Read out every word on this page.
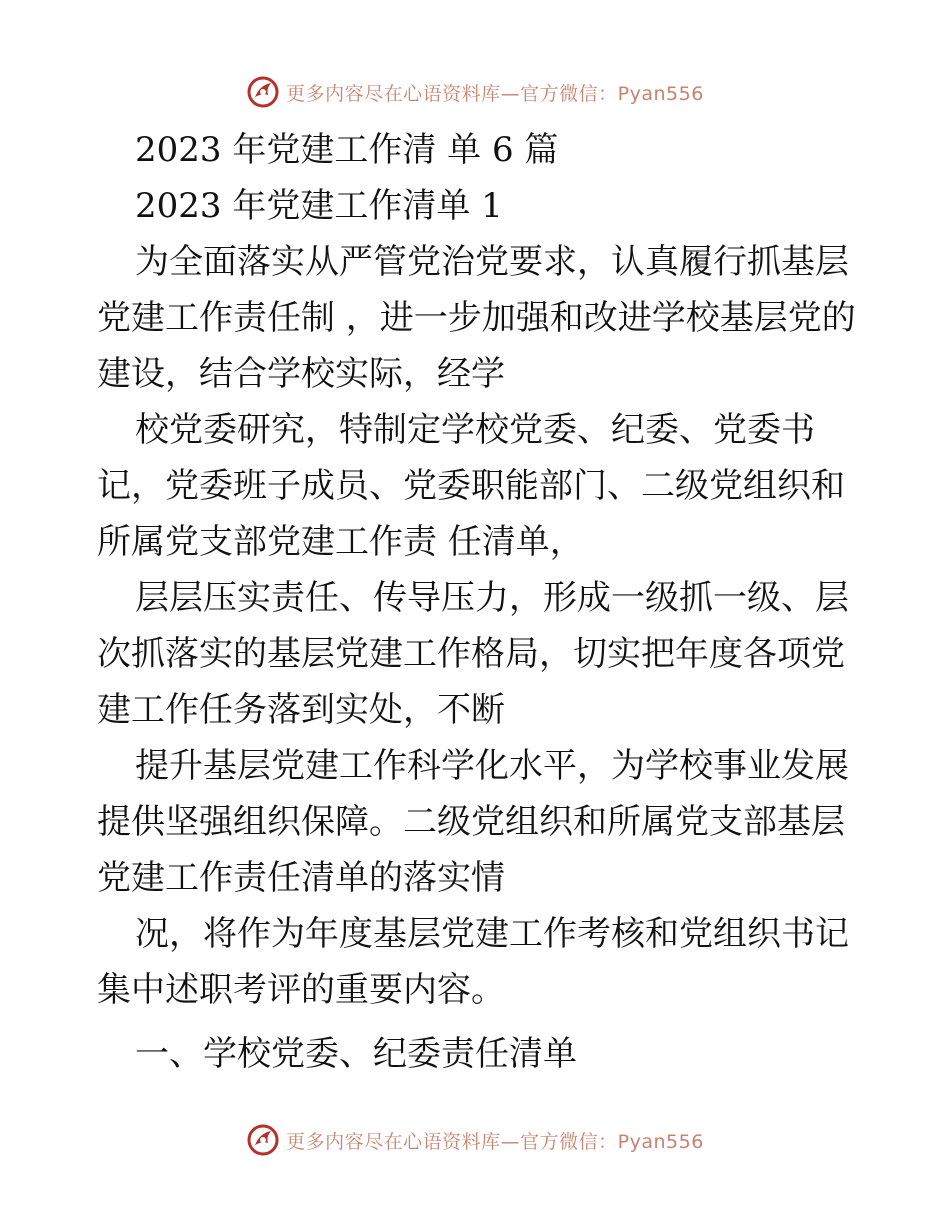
更多内容尽在心语资料库—官方微信：Pyan556

2023 年党建工作清 单 6 篇

2023 年党建工作清单 1

为全面落实从严管党治党要求，认真履行抓基层党建工作责任制 ，进一步加强和改进学校基层党的建设，结合学校实际，经学

校党委研究，特制定学校党委、纪委、党委书记，党委班子成员、党委职能部门、二级党组织和所属党支部党建工作责 任清单，

层层压实责任、传导压力，形成一级抓一级、层次抓落实的基层党建工作格局，切实把年度各项党建工作任务落到实处，不断

提升基层党建工作科学化水平，为学校事业发展提供坚强组织保障。二级党组织和所属党支部基层党建工作责任清单的落实情

况，将作为年度基层党建工作考核和党组织书记集中述职考评的重要内容。

一、学校党委、纪委责任清单

更多内容尽在心语资料库—官方微信：Pyan556
